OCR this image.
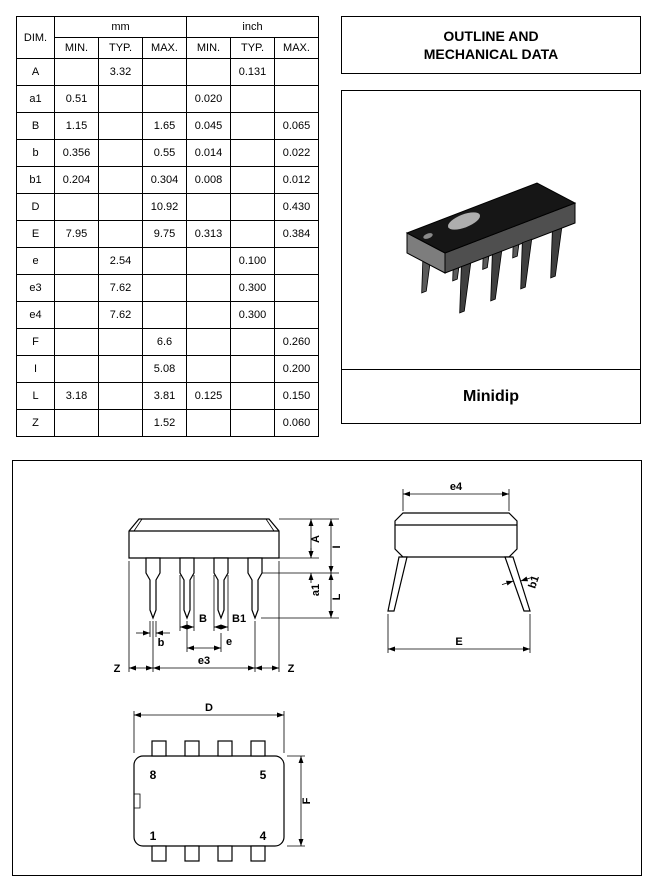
DIM.	mm			inch		
	MIN.	TYP.	MAX.	MIN.	TYP.	MAX.
A		3.32			0.131	
a1	0.51			0.020		
B	1.15		1.65	0.045		0.065
b	0.356		0.55	0.014		0.022
b1	0.204		0.304	0.008		0.012
D			10.92			0.430
E	7.95		9.75	0.313		0.384
e		2.54			0.100	
e3		7.62			0.300	
e4		7.62			0.300	
F			6.6			0.260
I			5.08			0.200
L	3.18		3.81	0.125		0.150
Z			1.52			0.060
OUTLINE AND
MECHANICAL DATA
Minidip
A
I
a1
L
b
B B1
e
e3
Z	Z
e4
b1
E
D
F
8	5
1	4
